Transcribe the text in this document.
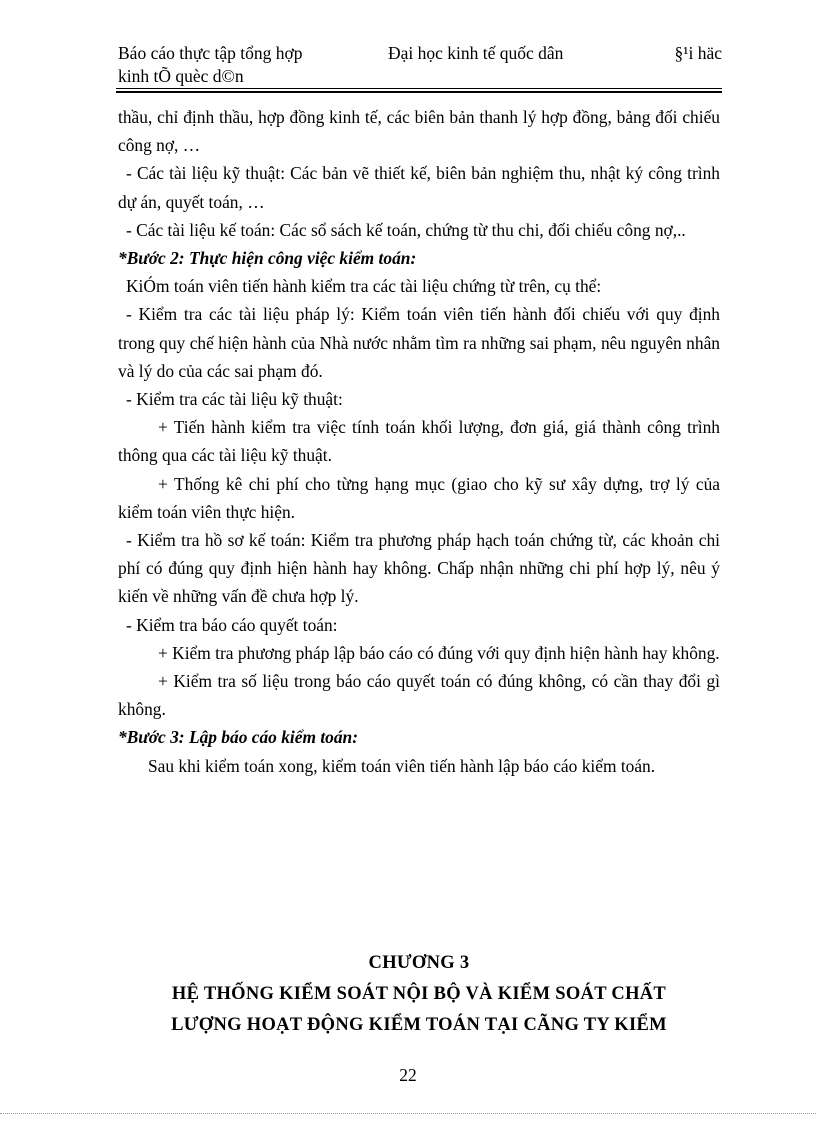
Báo cáo thực tập tổng hợp	Đại học kinh tế quốc dân	§¹i häc
kinh tÕ quèc d©n

thầu, chỉ định thầu, hợp đồng kinh tế, các biên bản thanh lý hợp đồng, bảng đối chiếu công nợ, …

- Các tài liệu kỹ thuật: Các bản vẽ thiết kế, biên bản nghiệm thu, nhật ký công trình dự án, quyết toán, …

- Các tài liệu kế toán: Các sổ sách kế toán, chứng từ thu chi, đối chiếu công nợ,..

*Bước 2: Thực hiện công việc kiểm toán:

KiÓm toán viên tiến hành kiểm tra các tài liệu chứng từ trên, cụ thể:

- Kiểm tra các tài liệu pháp lý: Kiểm toán viên tiến hành đối chiếu với quy định trong quy chế hiện hành của Nhà nước nhằm tìm ra những sai phạm, nêu nguyên nhân và lý do của các sai phạm đó.

- Kiểm tra các tài liệu kỹ thuật:

+ Tiến hành kiểm tra việc tính toán khối lượng, đơn giá, giá thành công trình thông qua các tài liệu kỹ thuật.

+ Thống kê chi phí cho từng hạng mục (giao cho kỹ sư xây dựng, trợ lý của kiểm toán viên thực hiện.

- Kiểm tra hồ sơ kế toán: Kiểm tra phương pháp hạch toán chứng từ, các khoản chi phí có đúng quy định hiện hành hay không. Chấp nhận những chi phí hợp lý, nêu ý kiến về những vấn đề chưa hợp lý.

- Kiểm tra báo cáo quyết toán:

+ Kiểm tra phương pháp lập báo cáo có đúng với quy định hiện hành hay không.

+ Kiểm tra số liệu trong báo cáo quyết toán có đúng không, có cần thay đổi gì không.

*Bước 3: Lập báo cáo kiểm toán:

Sau khi kiểm toán xong, kiểm toán viên tiến hành lập báo cáo kiểm toán.

CHƯƠNG 3
HỆ THỐNG KIỂM SOÁT NỘI BỘ VÀ KIỂM SOÁT CHẤT
LƯỢNG HOẠT ĐỘNG KIỂM TOÁN TẠI CÃNG TY KIỂM
22
